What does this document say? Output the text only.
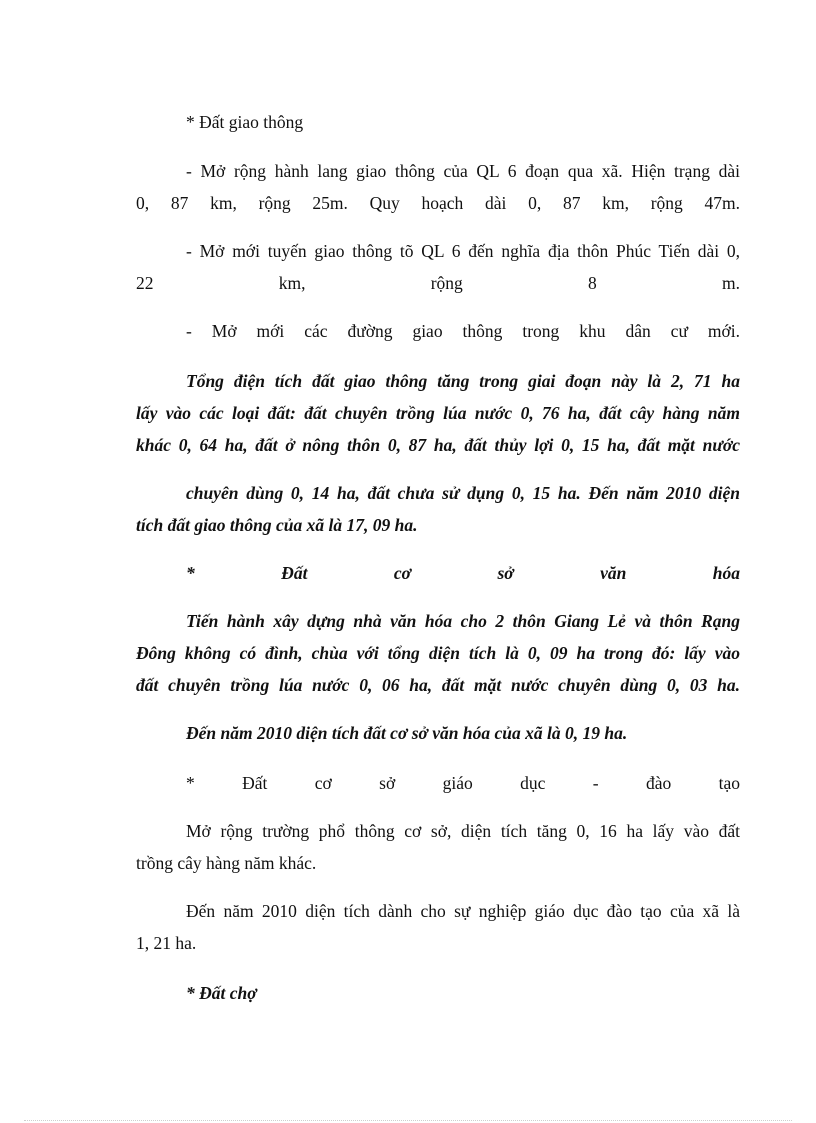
* Đất giao thông
- Mở rộng hành lang giao thông của QL 6 đoạn qua xã. Hiện trạng dài
0, 87 km, rộng 25m. Quy hoạch dài 0, 87 km, rộng 47m.
- Mở mới tuyến giao thông tõ QL 6 đến nghĩa địa thôn Phúc Tiến dài 0,
22 km, rộng 8 m.
- Mở mới các đường giao thông trong khu dân cư mới.
Tổng điện tích đất giao thông tăng trong giai đoạn này là 2, 71 ha
lấy vào các loại đất: đất chuyên trồng lúa nước 0, 76 ha, đất cây hàng năm
khác 0, 64 ha, đất ở nông thôn 0, 87 ha, đất thủy lợi 0, 15 ha, đất mặt nước
chuyên dùng 0, 14 ha, đất chưa sử dụng 0, 15 ha. Đến năm 2010 diện
tích đất giao thông của xã là 17, 09 ha.
* Đất cơ sở văn hóa
Tiến hành xây dựng nhà văn hóa cho 2 thôn Giang Lẻ và thôn Rạng
Đông không có đình, chùa với tổng diện tích là 0, 09 ha trong đó: lấy vào
đất chuyên trồng lúa nước 0, 06 ha, đất mặt nước chuyên dùng 0, 03 ha.
Đến năm 2010 diện tích đất cơ sở văn hóa của xã là 0, 19 ha.
* Đất cơ sở giáo dục - đào tạo
Mở rộng trường phổ thông cơ sở, diện tích tăng 0, 16 ha lấy vào đất
trồng cây hàng năm khác.
Đến năm 2010 diện tích dành cho sự nghiệp giáo dục đào tạo của xã là
1, 21 ha.
* Đất chợ
